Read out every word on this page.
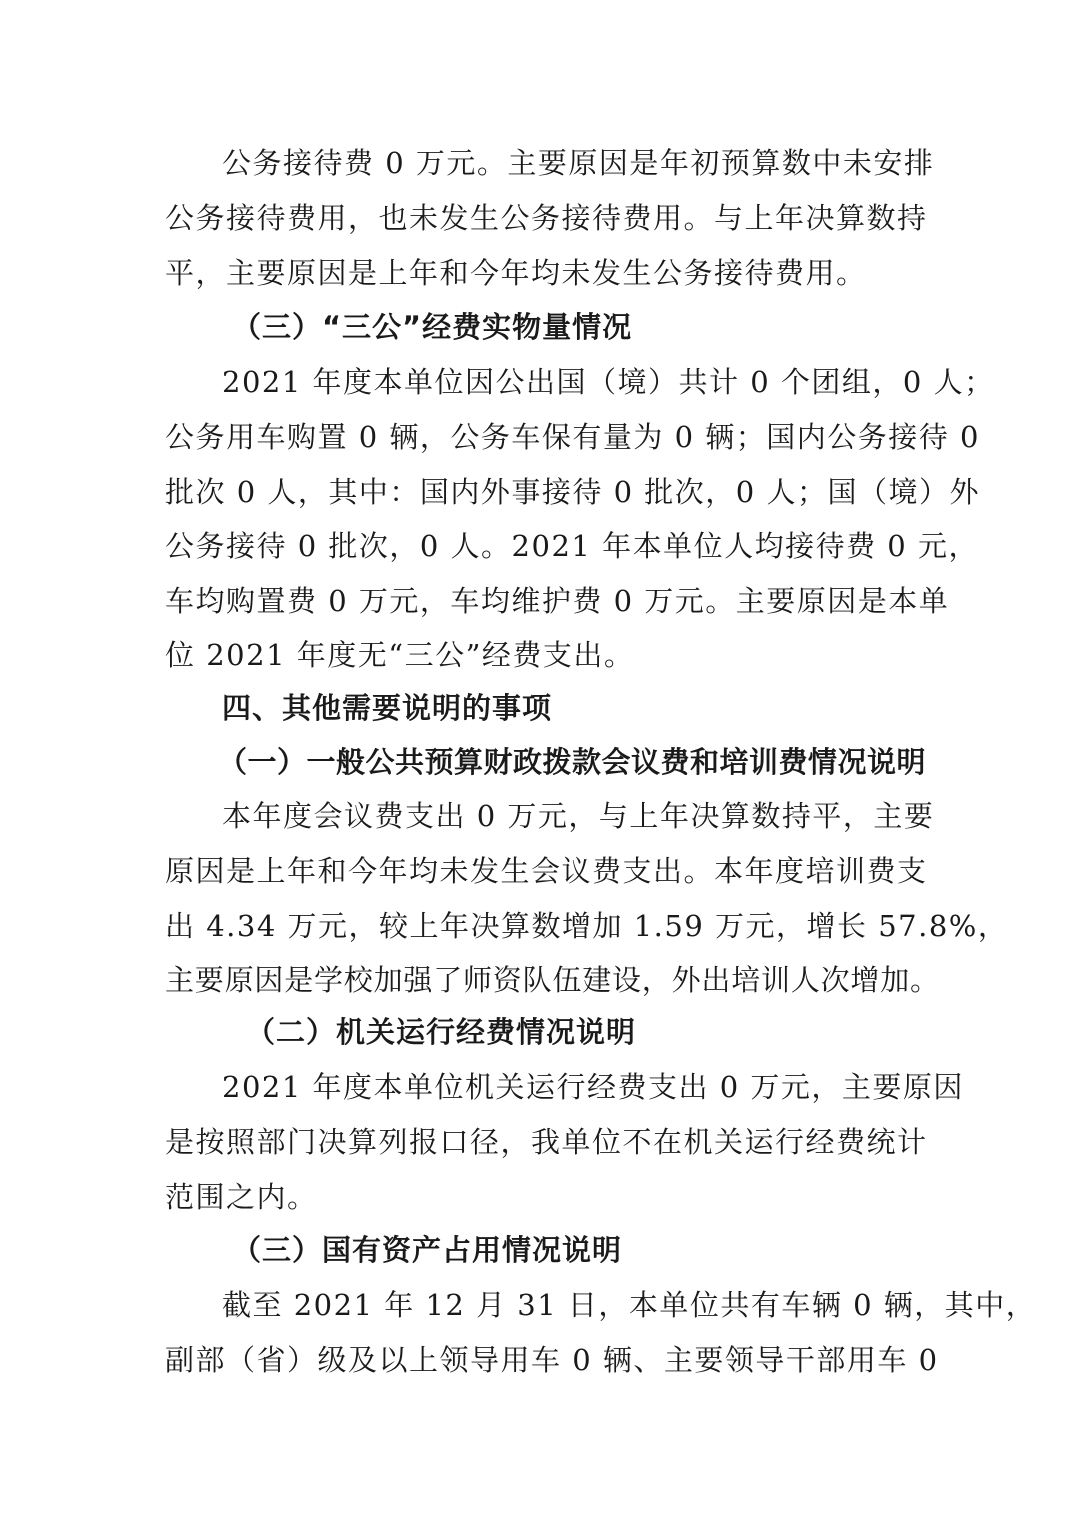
公务接待费 0 万元。主要原因是年初预算数中未安排
公务接待费用，也未发生公务接待费用。与上年决算数持
平，主要原因是上年和今年均未发生公务接待费用。
（三）“三公”经费实物量情况
2021 年度本单位因公出国（境）共计 0 个团组，0 人；
公务用车购置 0 辆，公务车保有量为 0 辆；国内公务接待 0
批次 0 人，其中：国内外事接待 0 批次，0 人；国（境）外
公务接待 0 批次，0 人。2021 年本单位人均接待费 0 元，
车均购置费 0 万元，车均维护费 0 万元。主要原因是本单
位 2021 年度无“三公”经费支出。
四、其他需要说明的事项
（一）一般公共预算财政拨款会议费和培训费情况说明
本年度会议费支出 0 万元，与上年决算数持平，主要
原因是上年和今年均未发生会议费支出。本年度培训费支
出 4.34 万元，较上年决算数增加 1.59 万元，增长 57.8%，
主要原因是学校加强了师资队伍建设，外出培训人次增加。
（二）机关运行经费情况说明
2021 年度本单位机关运行经费支出 0 万元，主要原因
是按照部门决算列报口径，我单位不在机关运行经费统计
范围之内。
（三）国有资产占用情况说明
截至 2021 年 12 月 31 日，本单位共有车辆 0 辆，其中，
副部（省）级及以上领导用车 0 辆、主要领导干部用车 0
